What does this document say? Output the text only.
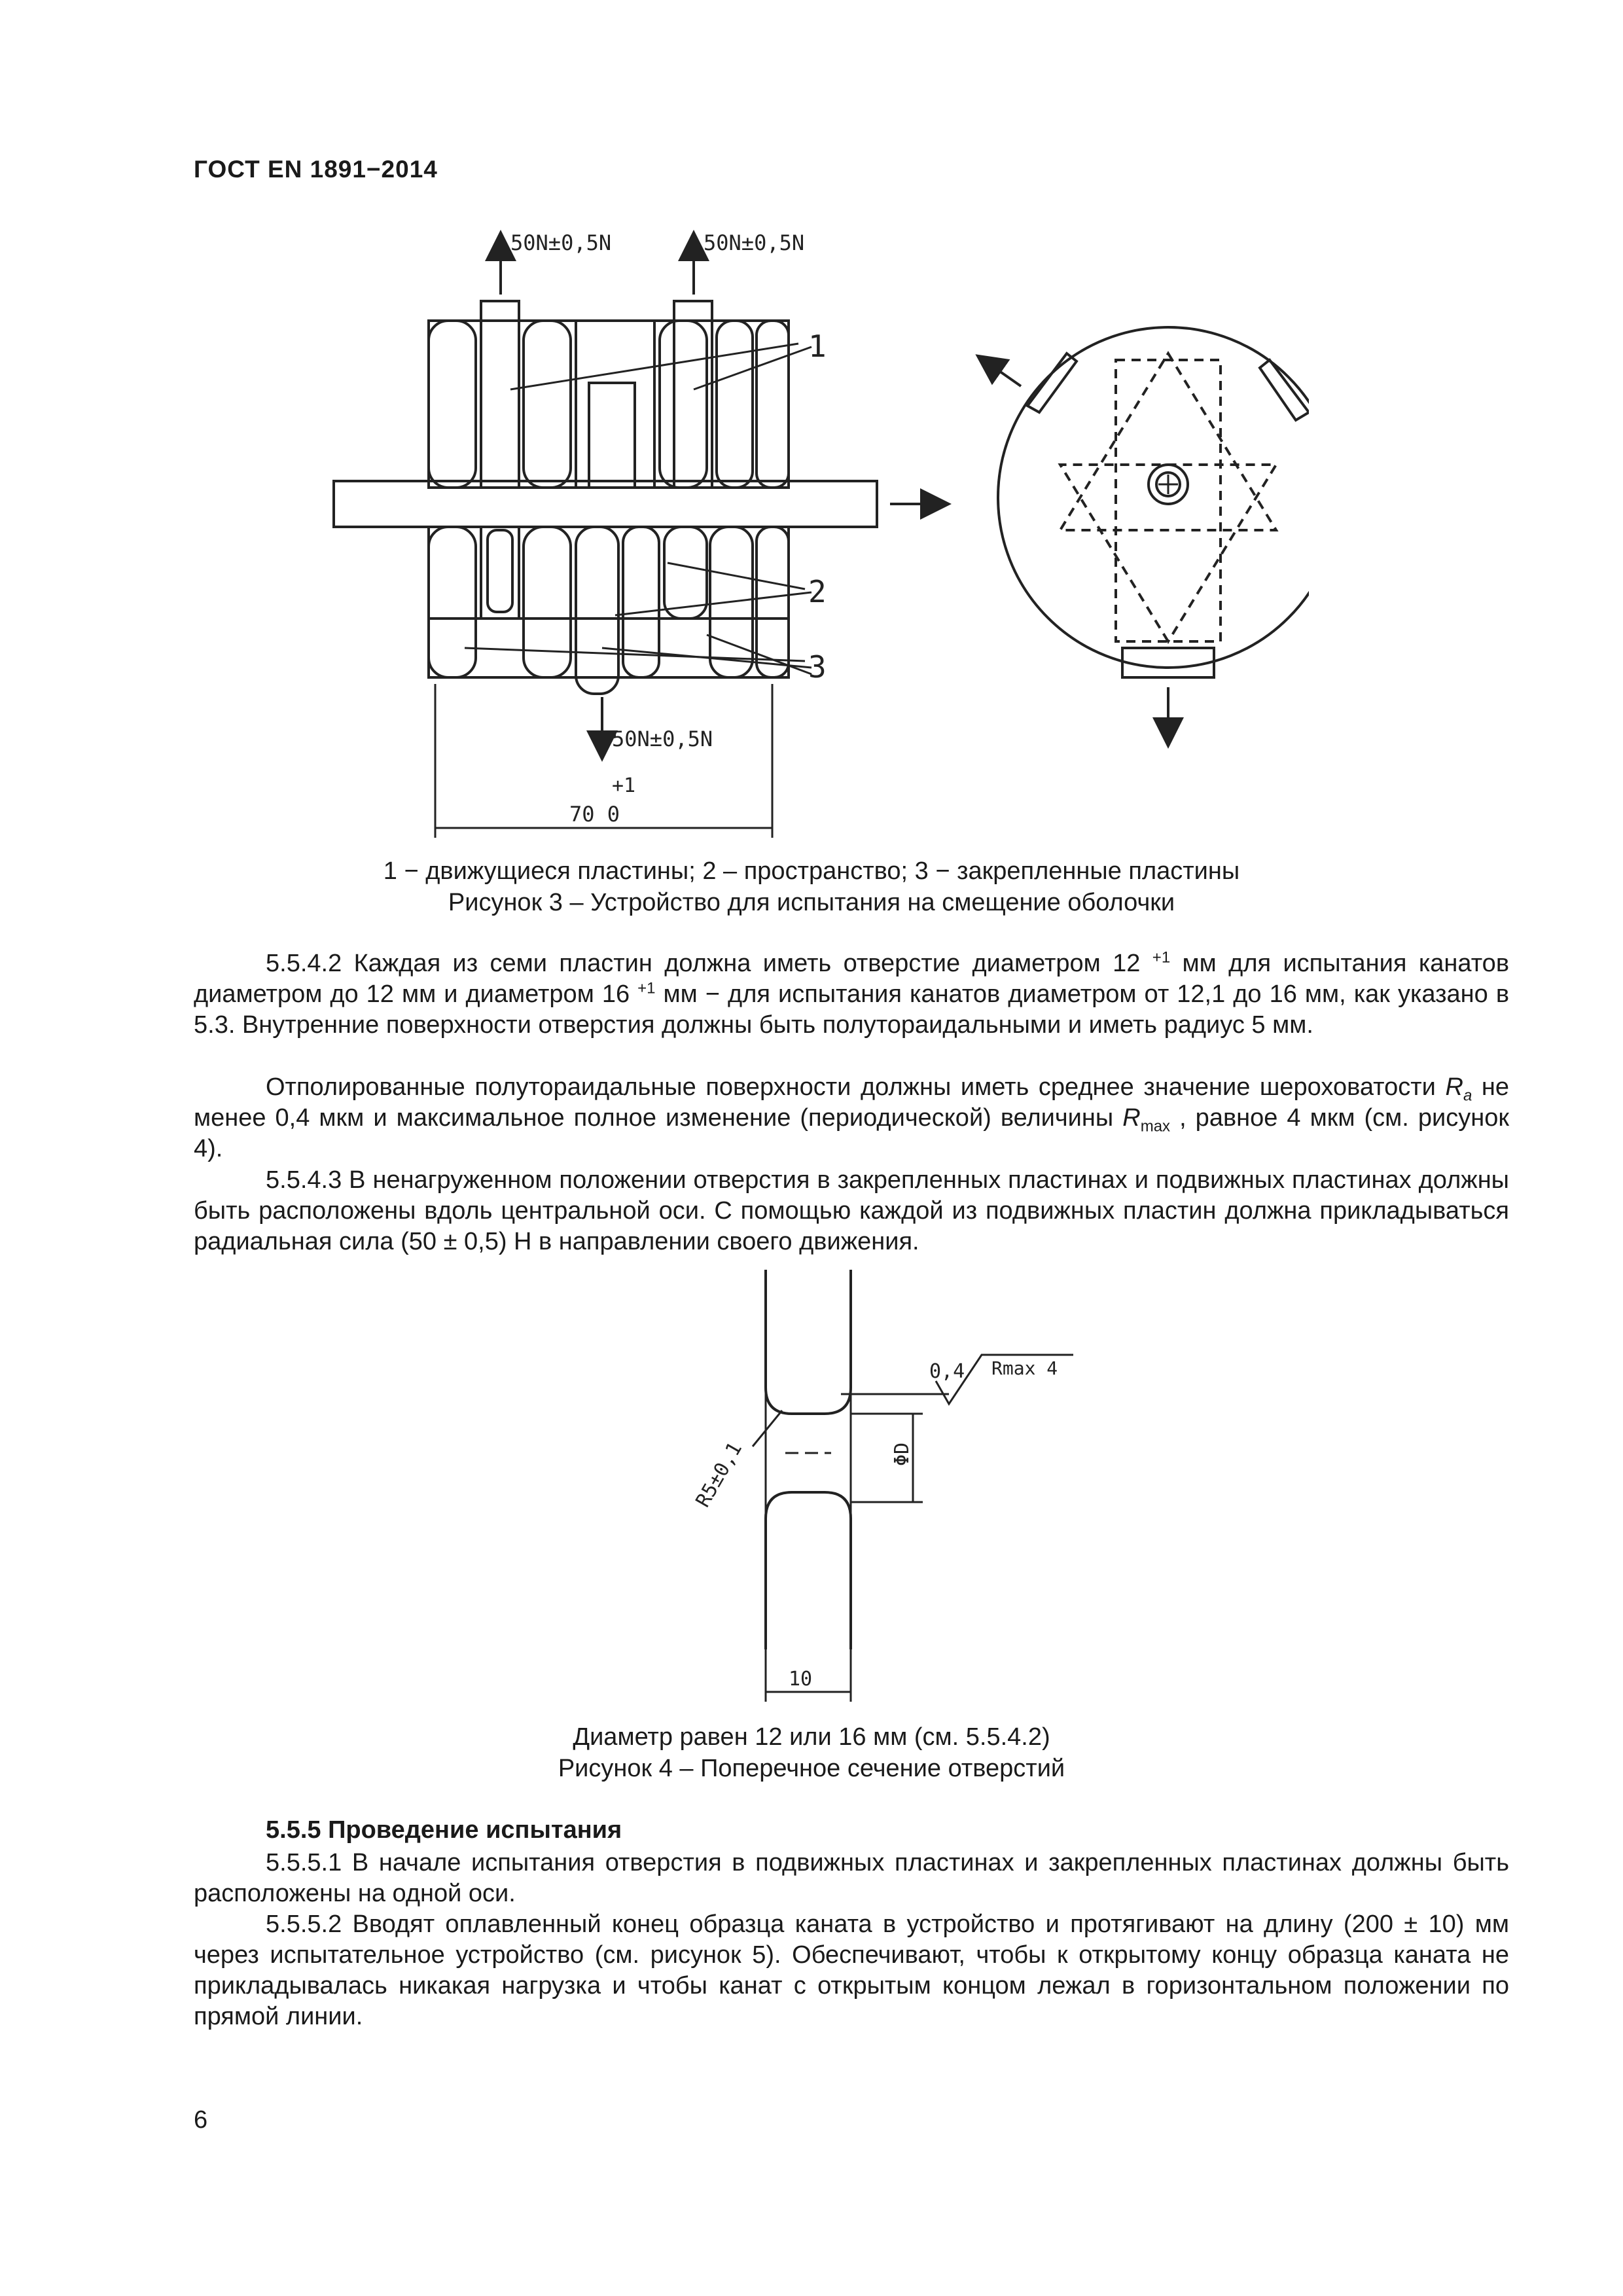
ГОСТ EN 1891−2014
50N±0,5N	50N±0,5N
1
2
3
50N±0,5N
+1
70 0
1 − движущиеся пластины; 2 – пространство; 3 − закрепленные пластины
Рисунок 3 – Устройство для испытания на смещение оболочки
5.5.4.2 Каждая из семи пластин должна иметь отверстие диаметром 12 $^{+1}$ мм для испытания канатов диаметром до 12 мм и диаметром 16 $^{+1}$ мм − для испытания канатов диаметром от 12,1 до 16 мм, как указано в 5.3. Внутренние поверхности отверстия должны быть полутораидальными и иметь радиус 5 мм.
Отполированные полутораидальные поверхности должны иметь среднее значение шероховатости $R_a$ не менее 0,4 мкм и максимальное полное изменение (периодической) величины $R_{max}$ , равное 4 мкм (см. рисунок 4).
5.5.4.3 В ненагруженном положении отверстия в закрепленных пластинах и подвижных пластинах должны быть расположены вдоль центральной оси. С помощью каждой из подвижных пластин должна прикладываться радиальная сила (50 ± 0,5) Н в направлении своего движения.
ΦD
0,4 Rmax 4
R5±0,1
10
Диаметр равен 12 или 16 мм (см. 5.5.4.2)
Рисунок 4 – Поперечное сечение отверстий
5.5.5 Проведение испытания
5.5.5.1 В начале испытания отверстия в подвижных пластинах и закрепленных пластинах должны быть расположены на одной оси.
5.5.5.2 Вводят оплавленный конец образца каната в устройство и протягивают на длину (200 ± 10) мм через испытательное устройство (см. рисунок 5). Обеспечивают, чтобы к открытому концу образца каната не прикладывалась никакая нагрузка и чтобы канат с открытым концом лежал в горизонтальном положении по прямой линии.
6
